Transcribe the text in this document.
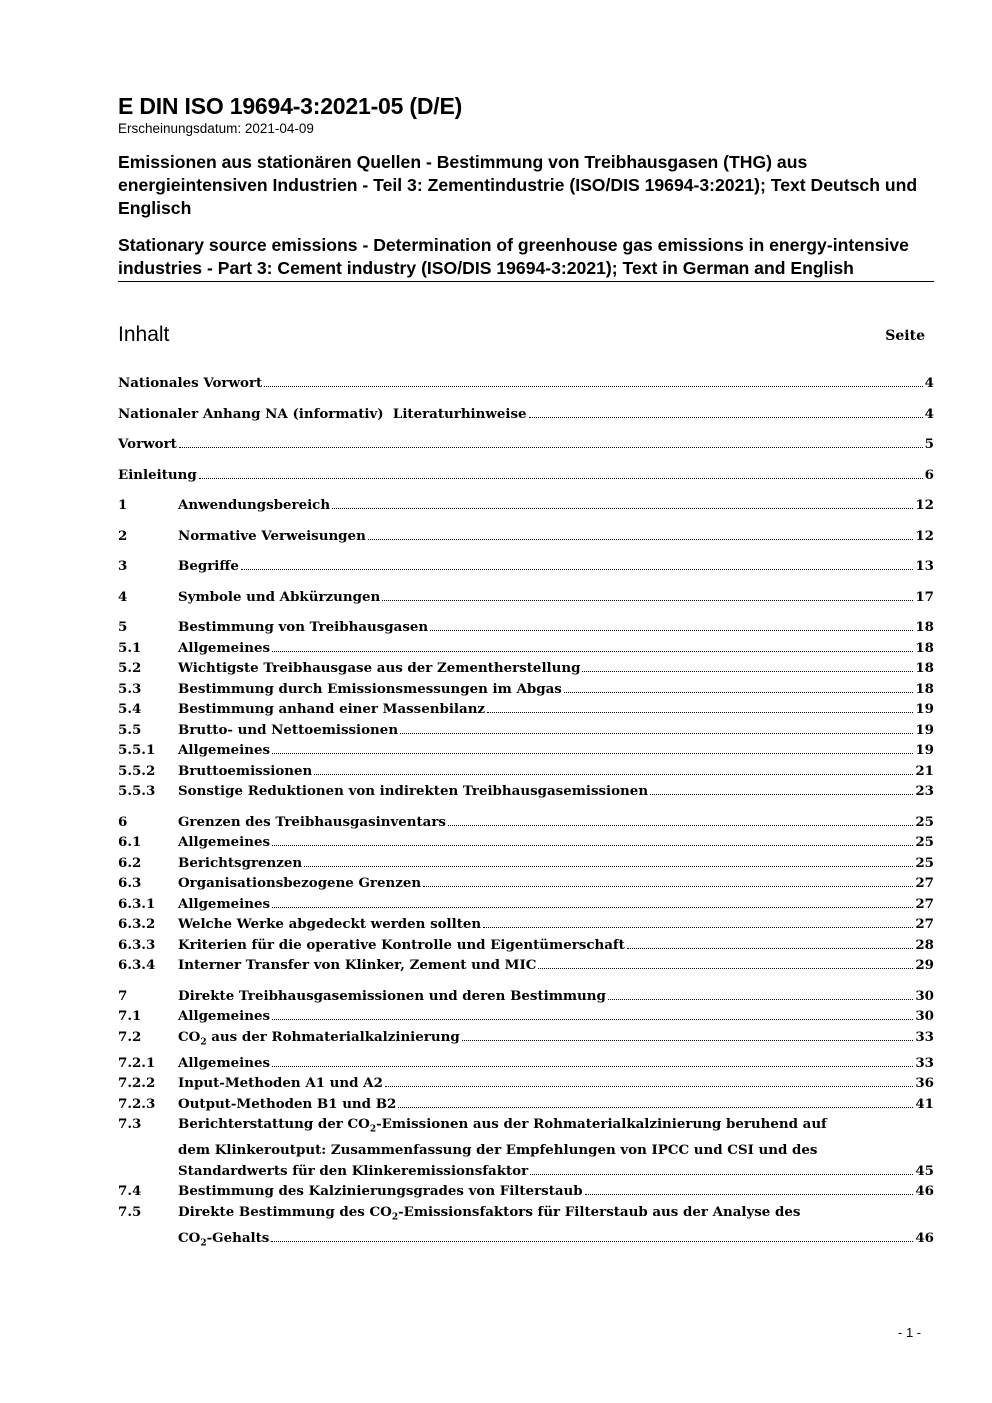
E DIN ISO 19694-3:2021-05 (D/E)
Erscheinungsdatum: 2021-04-09
Emissionen aus stationären Quellen - Bestimmung von Treibhausgasen (THG) aus energieintensiven Industrien - Teil 3: Zementindustrie (ISO/DIS 19694-3:2021); Text Deutsch und Englisch
Stationary source emissions - Determination of greenhouse gas emissions in energy-intensive industries - Part 3: Cement industry (ISO/DIS 19694-3:2021); Text in German and English
Inhalt	Seite
Nationales Vorwort	4
Nationaler Anhang NA (informativ)  Literaturhinweise	4
Vorwort	5
Einleitung	6
1	Anwendungsbereich	12
2	Normative Verweisungen	12
3	Begriffe	13
4	Symbole und Abkürzungen	17
5	Bestimmung von Treibhausgasen	18
5.1	Allgemeines	18
5.2	Wichtigste Treibhausgase aus der Zementherstellung	18
5.3	Bestimmung durch Emissionsmessungen im Abgas	18
5.4	Bestimmung anhand einer Massenbilanz	19
5.5	Brutto- und Nettoemissionen	19
5.5.1	Allgemeines	19
5.5.2	Bruttoemissionen	21
5.5.3	Sonstige Reduktionen von indirekten Treibhausgasemissionen	23
6	Grenzen des Treibhausgasinventars	25
6.1	Allgemeines	25
6.2	Berichtsgrenzen	25
6.3	Organisationsbezogene Grenzen	27
6.3.1	Allgemeines	27
6.3.2	Welche Werke abgedeckt werden sollten	27
6.3.3	Kriterien für die operative Kontrolle und Eigentümerschaft	28
6.3.4	Interner Transfer von Klinker, Zement und MIC	29
7	Direkte Treibhausgasemissionen und deren Bestimmung	30
7.1	Allgemeines	30
7.2	$CO_2$ aus der Rohmaterialkalzinierung	33
7.2.1	Allgemeines	33
7.2.2	Input-Methoden A1 und A2	36
7.2.3	Output-Methoden B1 und B2	41
7.3	Berichterstattung der $CO_2$-Emissionen aus der Rohmaterialkalzinierung beruhend auf
dem Klinkeroutput: Zusammenfassung der Empfehlungen von IPCC und CSI und des
Standardwerts für den Klinkeremissionsfaktor	45
7.4	Bestimmung des Kalzinierungsgrades von Filterstaub	46
7.5	Direkte Bestimmung des $CO_2$-Emissionsfaktors für Filterstaub aus der Analyse des
$CO_2$-Gehalts	46
- 1 -
